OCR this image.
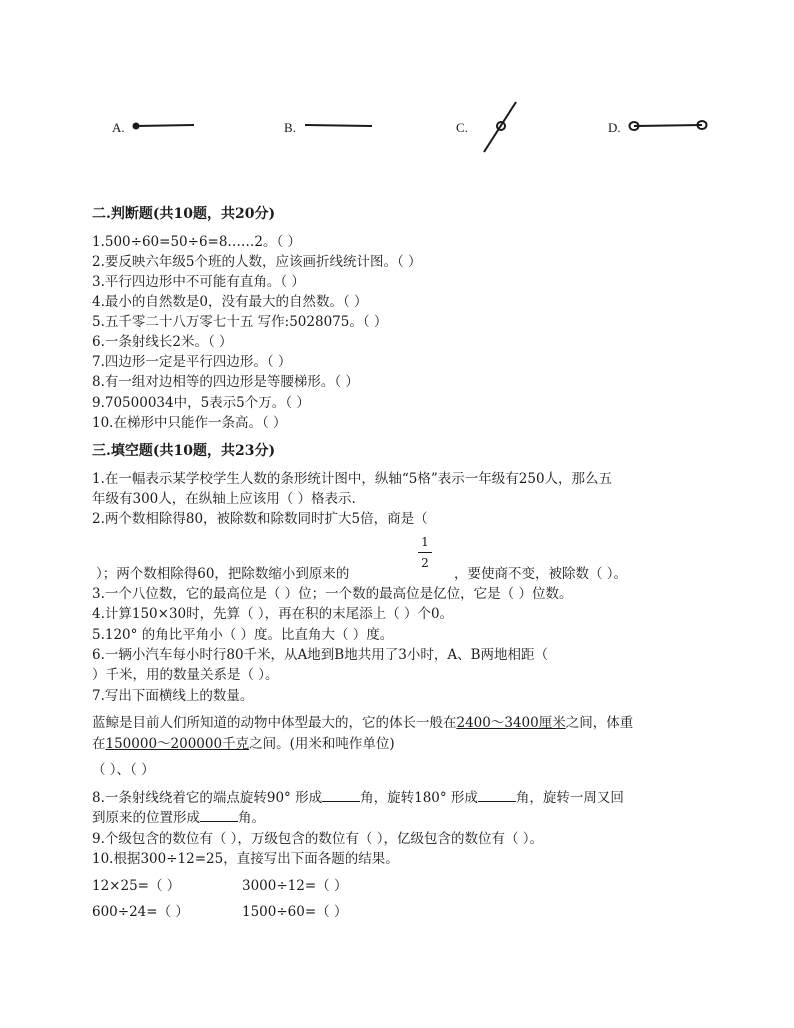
A.	B.	C.	D.
二.判断题(共10题，共20分)
1.500÷60=50÷6=8……2。（ ）
2.要反映六年级5个班的人数，应该画折线统计图。（ ）
3.平行四边形中不可能有直角。（ ）
4.最小的自然数是0，没有最大的自然数。（ ）
5.五千零二十八万零七十五 写作:5028075。（ ）
6.一条射线长2米。（ ）
7.四边形一定是平行四边形。（ ）
8.有一组对边相等的四边形是等腰梯形。（ ）
9.70500034中，5表示5个万。（ ）
10.在梯形中只能作一条高。（ ）
三.填空题(共10题，共23分)
1.在一幅表示某学校学生人数的条形统计图中，纵轴“5格”表示一年级有250人，那么五
年级有300人，在纵轴上应该用（ ）格表示.
2.两个数相除得80，被除数和除数同时扩大5倍，商是（
1
2
）；两个数相除得60，把除数缩小到原来的	，要使商不变，被除数（ ）。
3.一个八位数，它的最高位是（ ）位；一个数的最高位是亿位，它是（ ）位数。
4.计算150×30时，先算（ ），再在积的末尾添上（ ）个0。
5.120° 的角比平角小（ ）度。比直角大（ ）度。
6.一辆小汽车每小时行80千米，从A地到B地共用了3小时，A、B两地相距（
）千米，用的数量关系是（ ）。
7.写出下面横线上的数量。
蓝鲸是目前人们所知道的动物中体型最大的，它的体长一般在2400～3400厘米之间，体重
在150000～200000千克之间。(用米和吨作单位)
（ ）、（ ）
8.一条射线绕着它的端点旋转90° 形成	角，旋转180° 形成	角，旋转一周又回
到原来的位置形成	角。
9.个级包含的数位有（ ），万级包含的数位有（ ），亿级包含的数位有（ ）。
10.根据300÷12=25，直接写出下面各题的结果。
12×25=（ ）	3000÷12=（ ）
600÷24=（ ）	1500÷60=（ ）
